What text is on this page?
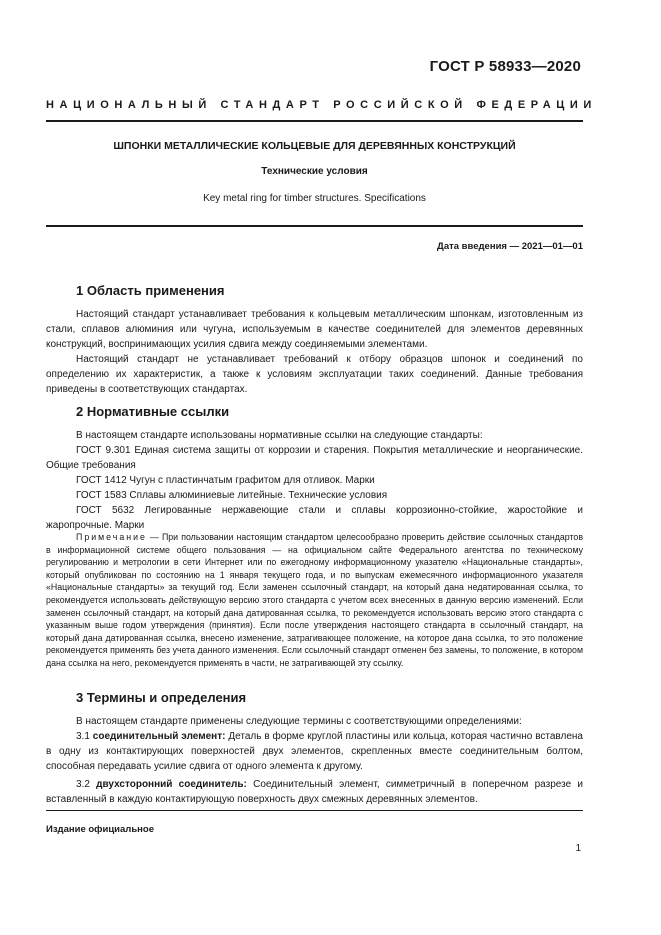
ГОСТ Р 58933—2020
НАЦИОНАЛЬНЫЙ СТАНДАРТ РОССИЙСКОЙ ФЕДЕРАЦИИ
ШПОНКИ МЕТАЛЛИЧЕСКИЕ КОЛЬЦЕВЫЕ ДЛЯ ДЕРЕВЯННЫХ КОНСТРУКЦИЙ
Технические условия
Key metal ring for timber structures. Specifications
Дата введения — 2021—01—01
1 Область применения

Настоящий стандарт устанавливает требования к кольцевым металлическим шпонкам, изготовленным из стали, сплавов алюминия или чугуна, используемым в качестве соединителей для элементов деревянных конструкций, воспринимающих усилия сдвига между соединяемыми элементами.

Настоящий стандарт не устанавливает требований к отбору образцов шпонок и соединений по определению их характеристик, а также к условиям эксплуатации таких соединений. Данные требования приведены в соответствующих стандартах.

2 Нормативные ссылки

В настоящем стандарте использованы нормативные ссылки на следующие стандарты:

ГОСТ 9.301 Единая система защиты от коррозии и старения. Покрытия металлические и неорганические. Общие требования

ГОСТ 1412 Чугун с пластинчатым графитом для отливок. Марки

ГОСТ 1583 Сплавы алюминиевые литейные. Технические условия

ГОСТ 5632 Легированные нержавеющие стали и сплавы коррозионно-стойкие, жаростойкие и жаропрочные. Марки

Примечание — При пользовании настоящим стандартом целесообразно проверить действие ссылочных стандартов в информационной системе общего пользования — на официальном сайте Федерального агентства по техническому регулированию и метрологии в сети Интернет или по ежегодному информационному указателю «Национальные стандарты», который опубликован по состоянию на 1 января текущего года, и по выпускам ежемесячного информационного указателя «Национальные стандарты» за текущий год. Если заменен ссылочный стандарт, на который дана недатированная ссылка, то рекомендуется использовать действующую версию этого стандарта с учетом всех внесенных в данную версию изменений. Если заменен ссылочный стандарт, на который дана датированная ссылка, то рекомендуется использовать версию этого стандарта с указанным выше годом утверждения (принятия). Если после утверждения настоящего стандарта в ссылочный стандарт, на который дана датированная ссылка, внесено изменение, затрагивающее положение, на которое дана ссылка, то это положение рекомендуется применять без учета данного изменения. Если ссылочный стандарт отменен без замены, то положение, в котором дана ссылка на него, рекомендуется применять в части, не затрагивающей эту ссылку.

3 Термины и определения

В настоящем стандарте применены следующие термины с соответствующими определениями:

3.1 соединительный элемент: Деталь в форме круглой пластины или кольца, которая частично вставлена в одну из контактирующих поверхностей двух элементов, скрепленных вместе соединительным болтом, способная передавать усилие сдвига от одного элемента к другому.

3.2 двухсторонний соединитель: Соединительный элемент, симметричный в поперечном разрезе и вставленный в каждую контактирующую поверхность двух смежных деревянных элементов.

Издание официальное
1
